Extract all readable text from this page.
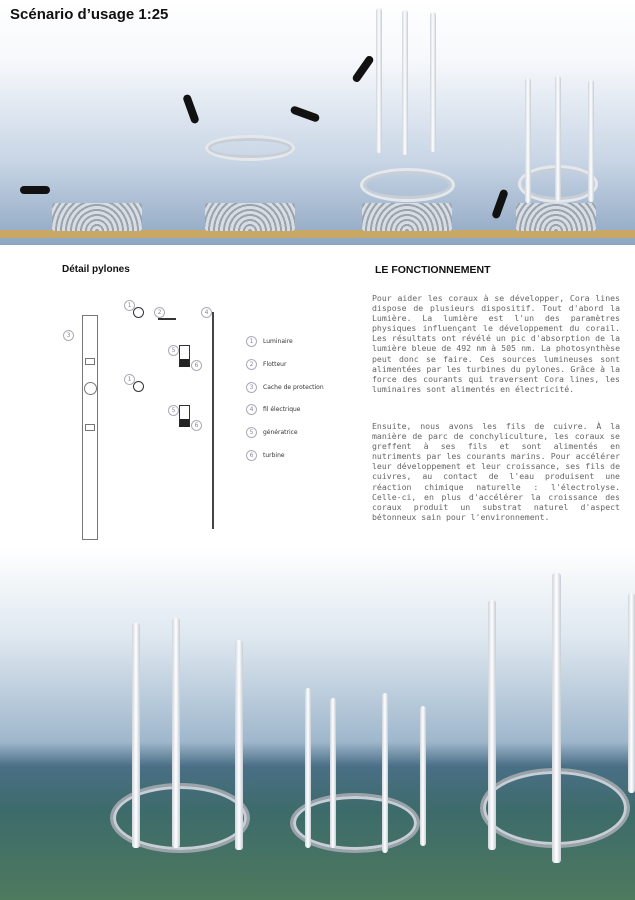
Scénario d’usage 1:25
Détail pylones
3
1
1
2	4
5
6
5
6
1	Luminaire
2	Flotteur
3	Cache de protection
4	fil électrique
5	génératrice
6	turbine
LE FONCTIONNEMENT
Pour aider les coraux à se développer, Cora lines dispose de plusieurs dispositif. Tout d'abord la Lumière. La lumière est l'un des paramètres physiques influençant le développement du corail. Les résultats ont révélé un pic d'absorption de la lumière bleue de 492 nm à 505 nm. La photosynthèse peut donc se faire. Ces sources lumineuses sont alimentées par les turbines du pylones. Grâce à la force des courants qui traversent Cora lines, les luminaires sont alimentés en électricité.
Ensuite, nous avons les fils de cuivre. À la manière de parc de conchyliculture, les coraux se greffent à ses fils et sont alimentés en nutriments par les courants marins. Pour accélérer leur développement et leur croissance, ses fils de cuivres, au contact de l'eau produisent une réaction chimique naturelle : l'électrolyse. Celle-ci, en plus d'accélérer la croissance des coraux produit un substrat naturel d'aspect bétonneux sain pour l'environnement.
